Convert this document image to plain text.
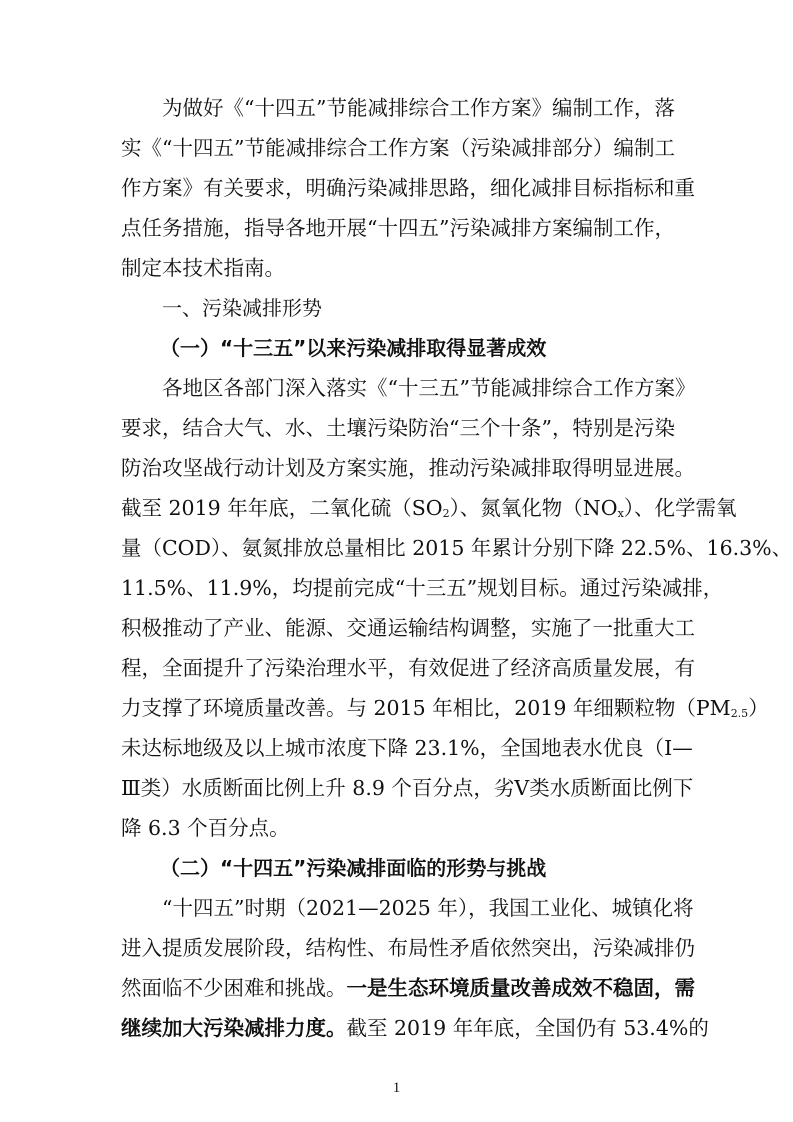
为做好《“十四五”节能减排综合工作方案》编制工作，落
实《“十四五”节能减排综合工作方案（污染减排部分）编制工
作方案》有关要求，明确污染减排思路，细化减排目标指标和重
点任务措施，指导各地开展“十四五”污染减排方案编制工作，
制定本技术指南。
一、污染减排形势
（一）“十三五”以来污染减排取得显著成效
各地区各部门深入落实《“十三五”节能减排综合工作方案》
要求，结合大气、水、土壤污染防治“三个十条”，特别是污染
防治攻坚战行动计划及方案实施，推动污染减排取得明显进展。
截至 2019 年年底，二氧化硫$(SO_2)$、氮氧化物$(NO_x)$、化学需氧
量（COD）、氨氮排放总量相比 2015 年累计分别下降 22.5%、16.3%、
11.5%、11.9%，均提前完成“十三五”规划目标。通过污染减排，
积极推动了产业、能源、交通运输结构调整，实施了一批重大工
程，全面提升了污染治理水平，有效促进了经济高质量发展，有
力支撑了环境质量改善。与 2015 年相比，2019 年细颗粒物$(PM_{2.5})$
未达标地级及以上城市浓度下降 23.1%，全国地表水优良（Ⅰ—
Ⅲ类）水质断面比例上升 8.9 个百分点，劣Ⅴ类水质断面比例下
降 6.3 个百分点。
（二）“十四五”污染减排面临的形势与挑战
“十四五”时期（2021—2025 年），我国工业化、城镇化将
进入提质发展阶段，结构性、布局性矛盾依然突出，污染减排仍
然面临不少困难和挑战。一是生态环境质量改善成效不稳固，需
继续加大污染减排力度。截至 2019 年年底，全国仍有 53.4%的
1
